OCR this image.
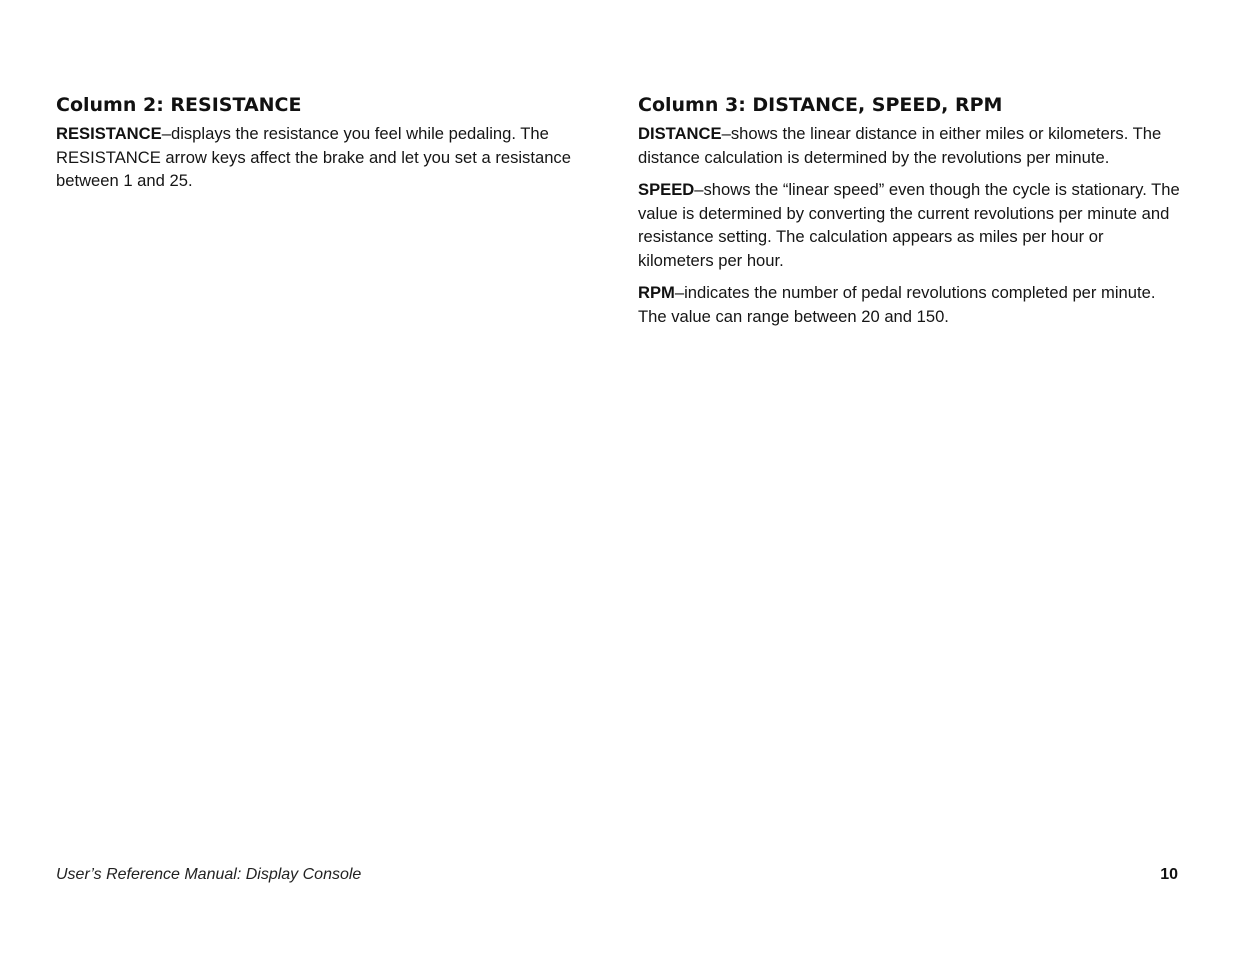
Column 2: RESISTANCE

RESISTANCE–displays the resistance you feel while pedaling. The RESISTANCE arrow keys affect the brake and let you set a resistance between 1 and 25.

Column 3: DISTANCE, SPEED, RPM

DISTANCE–shows the linear distance in either miles or kilometers. The distance calculation is determined by the revolutions per minute.

SPEED–shows the “linear speed” even though the cycle is stationary. The value is determined by converting the current revolutions per minute and resistance setting. The calculation appears as miles per hour or kilometers per hour.

RPM–indicates the number of pedal revolutions completed per minute. The value can range between 20 and 150.

User’s Reference Manual: Display Console	10
